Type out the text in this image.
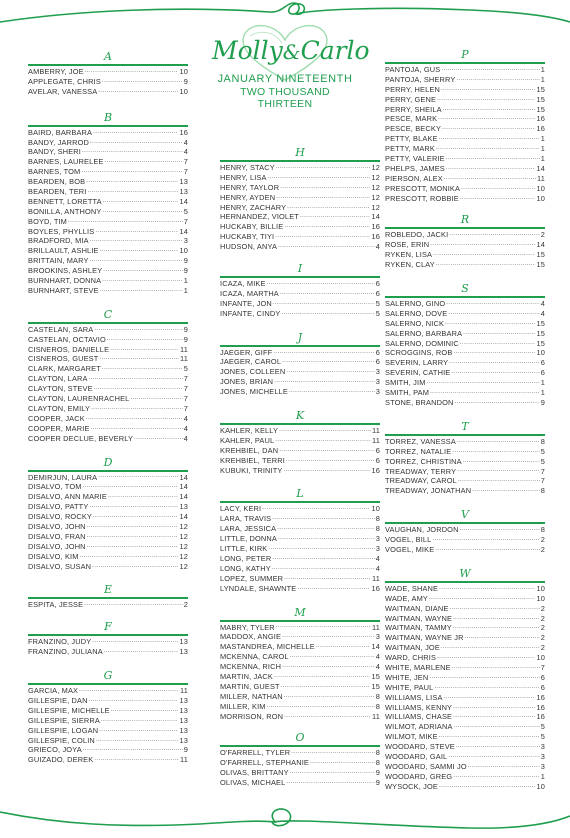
Molly&Carlo
JANUARY NINETEENTH
TWO THOUSAND THIRTEEN
A
AMBERRY, JOE .....	10
APPLEGATE, CHRIS .....	9
AVELAR, VANESSA .....	10
B
BAIRD, BARBARA .....	16
BANDY, JARROD .....	4
BANDY, SHERI .....	4
BARNES, LAURELEE .....	7
BARNES, TOM .....	7
BEARDEN, BOB .....	13
BEARDEN, TERI .....	13
BENNETT, LORETTA .....	14
BONILLA, ANTHONY .....	5
BOYD, TIM .....	7
BOYLES, PHYLLIS .....	14
BRADFORD, MIA .....	3
BRILLAULT, ASHLIE .....	10
BRITTAIN, MARY .....	9
BROOKINS, ASHLEY .....	9
BURNHART, DONNA .....	1
BURNHART, STEVE .....	1
C
CASTELAN, SARA .....	9
CASTELAN, OCTAVIO .....	9
CISNEROS, DANIELLE .....	11
CISNEROS, GUEST .....	11
CLARK, MARGARET .....	5
CLAYTON, LARA .....	7
CLAYTON, STEVE .....	7
CLAYTON, LAURENRACHEL .....	7
CLAYTON, EMILY .....	7
COOPER, JACK .....	4
COOPER, MARIE .....	4
COOPER DECLUE, BEVERLY .....	4
D
DEMIRJUN, LAURA .....	14
DISALVO, TOM .....	14
DISALVO, ANN MARIE .....	14
DISALVO, PATTY .....	13
DISALVO, ROCKY .....	14
DISALVO, JOHN .....	12
DISALVO, FRAN .....	12
DISALVO, JOHN .....	12
DISALVO, KIM .....	12
DISALVO, SUSAN .....	12
E
ESPITA, JESSE .....	2
F
FRANZINO, JUDY .....	13
FRANZINO, JULIANA .....	13
G
GARCIA, MAX .....	11
GILLESPIE, DAN .....	13
GILLESPIE, MICHELLE .....	13
GILLESPIE, SIERRA .....	13
GILLESPIE, LOGAN .....	13
GILLESPIE, COLIN .....	13
GRIECO, JOYA .....	9
GUIZADO, DEREK .....	11
H
HENRY, STACY .....	12
HENRY, LISA .....	12
HENRY, TAYLOR .....	12
HENRY, AYDEN .....	12
HENRY, ZACHARY .....	12
HERNANDEZ, VIOLET .....	14
HUCKABY, BILLIE .....	16
HUCKABY, TIYI .....	16
HUDSON, ANYA .....	4
I
ICAZA, MIKE .....	6
ICAZA, MARTHA .....	6
INFANTE, JON .....	5
INFANTE, CINDY .....	5
J
JAEGER, GIFF .....	6
JAEGER, CAROL .....	6
JONES, COLLEEN .....	3
JONES, BRIAN .....	3
JONES, MICHELLE .....	3
K
KAHLER, KELLY .....	11
KAHLER, PAUL .....	11
KREHBIEL, DAN .....	6
KREHBIEL, TERRI .....	6
KUBUKI, TRINITY .....	16
L
LACY, KERI .....	10
LARA, TRAVIS .....	8
LARA, JESSICA .....	8
LITTLE, DONNA .....	3
LITTLE, KIRK .....	3
LONG, PETER .....	4
LONG, KATHY .....	4
LOPEZ, SUMMER .....	11
LYNDALE, SHAWNTE .....	16
M
MABRY, TYLER .....	11
MADDOX, ANGIE .....	3
MASTANDREA, MICHELLE .....	14
MCKENNA, CAROL .....	4
MCKENNA, RICH .....	4
MARTIN, JACK .....	15
MARTIN, GUEST .....	15
MILLER, NATHAN .....	8
MILLER, KIM .....	8
MORRISON, RON .....	11
O
O'FARRELL, TYLER .....	8
O'FARRELL, STEPHANIE .....	8
OLIVAS, BRITTANY .....	9
OLIVAS, MICHAEL .....	9
P
PANTOJA, GUS .....	1
PANTOJA, SHERRY .....	1
PERRY, HELEN .....	15
PERRY, GENE .....	15
PERRY, SHEILA .....	15
PESCE, MARK .....	16
PESCE, BECKY .....	16
PETTY, BLAKE .....	1
PETTY, MARK .....	1
PETTY, VALERIE .....	1
PHELPS, JAMES .....	14
PIERSON, ALEX .....	11
PRESCOTT, MONIKA .....	10
PRESCOTT, ROBBIE .....	10
R
ROBLEDO, JACKI .....	2
ROSE, ERIN .....	14
RYKEN, LISA .....	15
RYKEN, CLAY .....	15
S
SALERNO, GINO .....	4
SALERNO, DOVE .....	4
SALERNO, NICK .....	15
SALERNO, BARBARA .....	15
SALERNO, DOMINIC .....	15
SCROGGINS, ROB .....	10
SEVERIN, LARRY .....	6
SEVERIN, CATHIE .....	6
SMITH, JIM .....	1
SMITH, PAM .....	1
STONE, BRANDON .....	9
T
TORREZ, VANESSA .....	8
TORREZ, NATALIE .....	5
TORREZ, CHRISTINA .....	5
TREADWAY, TERRY .....	7
TREADWAY, CAROL .....	7
TREADWAY, JONATHAN .....	8
V
VAUGHAN, JORDON .....	8
VOGEL, BILL .....	2
VOGEL, MIKE .....	2
W
WADE, SHANE .....	10
WADE, AMY .....	10
WAITMAN, DIANE .....	2
WAITMAN, WAYNE .....	2
WAITMAN, TAMMY .....	2
WAITMAN, WAYNE JR .....	2
WAITMAN, JOE .....	2
WARD, CHRIS .....	10
WHITE, MARLENE .....	7
WHITE, JEN .....	6
WHITE, PAUL .....	6
WILLIAMS, LISA .....	16
WILLIAMS, KENNY .....	16
WILLIAMS, CHASE .....	16
WILMOT, ADRIANA .....	5
WILMOT, MIKE .....	5
WOODARD, STEVE .....	3
WOODARD, GAIL .....	3
WOODARD, SAMMI JO .....	3
WOODARD, GREG .....	1
WYSOCK, JOE .....	10
